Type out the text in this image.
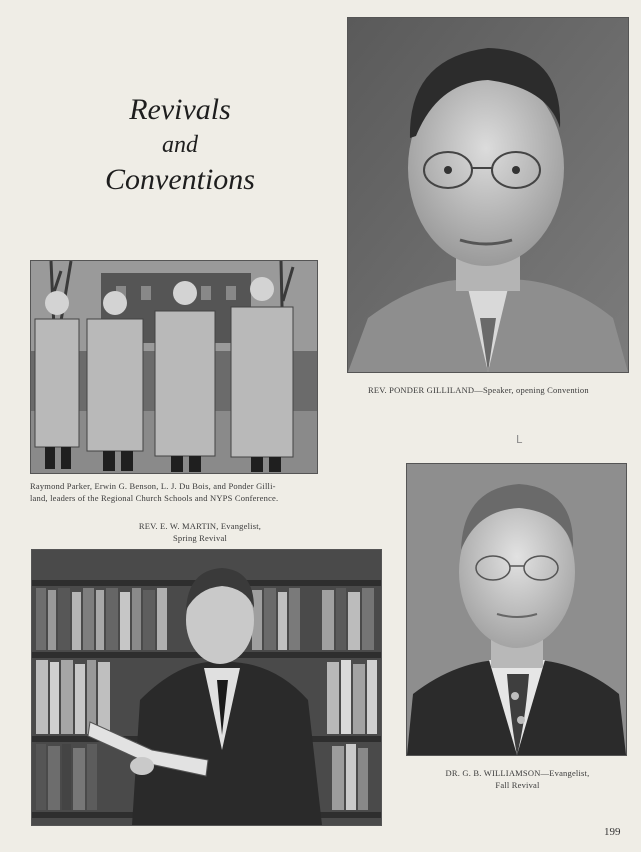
Revivals
and
Conventions
REV. PONDER GILLILAND—Speaker, opening Convention
Raymond Parker, Erwin G. Benson, L. J. Du Bois, and Ponder Gilli-
land, leaders of the Regional Church Schools and NYPS Conference.
REV. E. W. MARTIN, Evangelist,
Spring Revival
DR. G. B. WILLIAMSON—Evangelist,
Fall Revival
ᒪ
199
